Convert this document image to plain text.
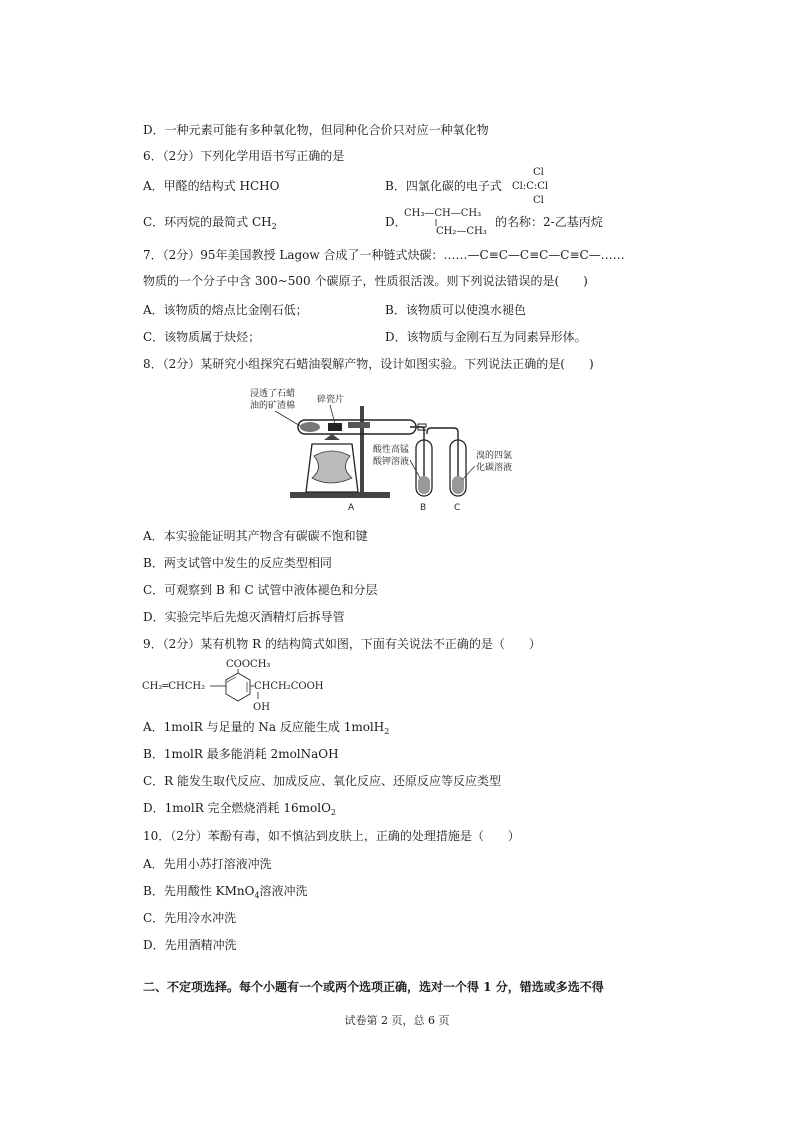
D．一种元素可能有多种氧化物，但同种化合价只对应一种氧化物
6．（2分）下列化学用语书写正确的是
A．甲醛的结构式 HCHO	B．四氯化碳的电子式
Cl
Cl:C:Cl
Cl
C．环丙烷的最简式 $CH_2$	D．
CH₃—CH—CH₃
CH₂—CH₃
的名称：2-乙基丙烷
7．（2分）95年美国教授 Lagow 合成了一种链式炔碳：……—C≡C—C≡C—C≡C—……
物质的一个分子中含 300~500 个碳原子，性质很活泼。则下列说法错误的是(　　)
A．该物质的熔点比金刚石低；	B．该物质可以使溴水褪色
C．该物质属于炔烃；	D．该物质与金刚石互为同素异形体。
8．（2分）某研究小组探究石蜡油裂解产物，设计如图实验。下列说法正确的是(　　)
浸透了石蜡
油的矿渣棉
碎瓷片
酸性高锰
酸钾溶液
溴的四氯
化碳溶液
A	B	C
A．本实验能证明其产物含有碳碳不饱和键
B．两支试管中发生的反应类型相同
C．可观察到 B 和 C 试管中液体褪色和分层
D．实验完毕后先熄灭酒精灯后拆导管
9．（2分）某有机物 R 的结构简式如图，下面有关说法不正确的是（　　）
COOCH₃
CH₂═CHCH₂	CHCH₂COOH
OH
A．1molR 与足量的 Na 反应能生成 1molH$_2$
B．1molR 最多能消耗 2molNaOH
C．R 能发生取代反应、加成反应、氧化反应、还原反应等反应类型
D．1molR 完全燃烧消耗 16molO$_2$
10．（2分）苯酚有毒，如不慎沾到皮肤上，正确的处理措施是（　　）
A．先用小苏打溶液冲洗
B．先用酸性 KMnO$_4$溶液冲洗
C．先用冷水冲洗
D．先用酒精冲洗
二、不定项选择。每个小题有一个或两个选项正确，选对一个得 1 分，错选或多选不得
试卷第 2 页，总 6 页
